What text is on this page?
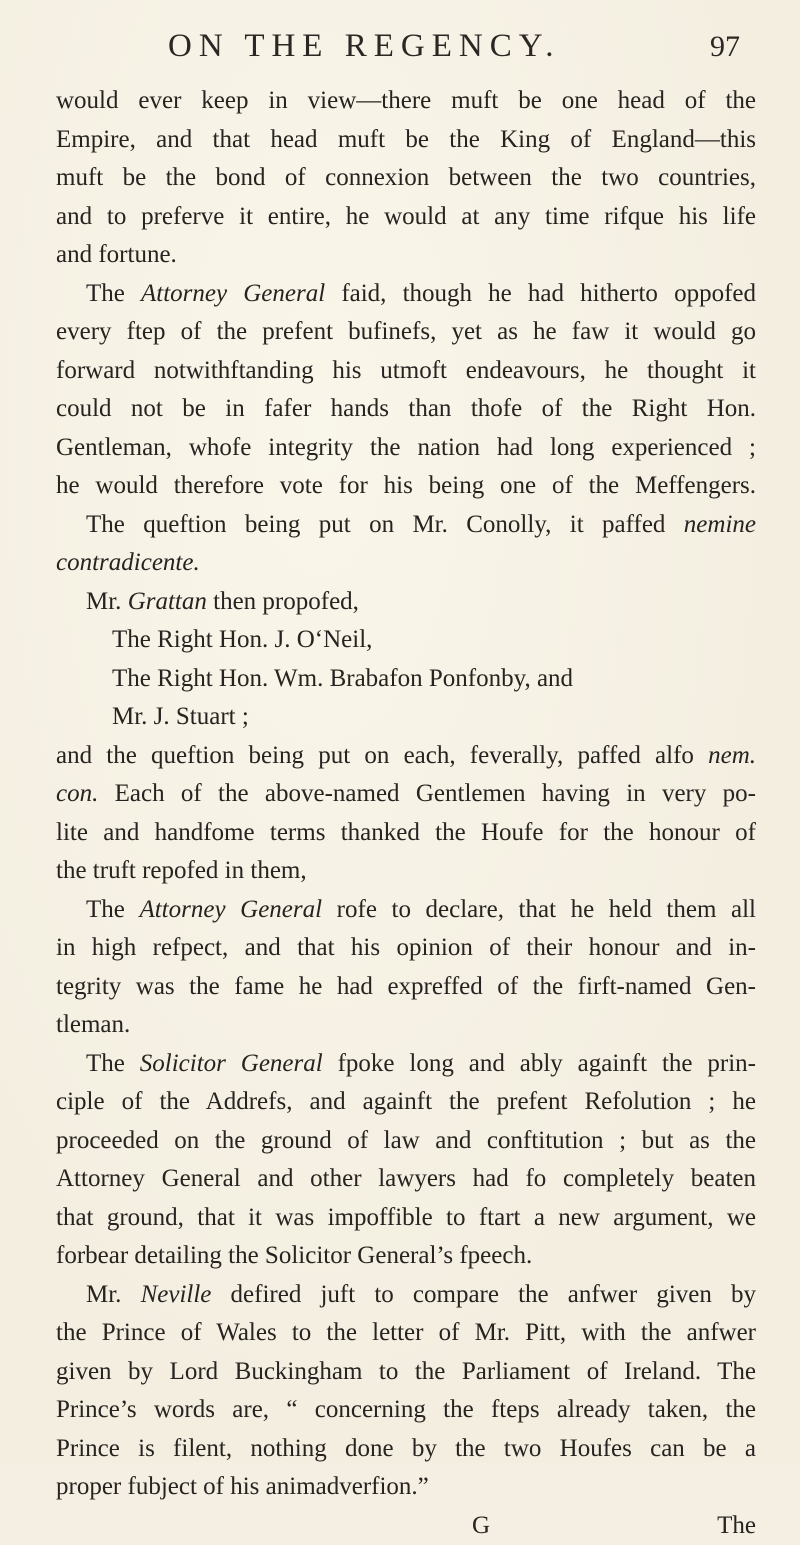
ON THE REGENCY.	97
would ever keep in view—there muft be one head of the
Empire, and that head muft be the King of England—this
muft be the bond of connexion between the two countries,
and to preferve it entire, he would at any time rifque his life
and fortune.
The Attorney General faid, though he had hitherto oppofed
every ftep of the prefent bufinefs, yet as he faw it would go
forward notwithftanding his utmoft endeavours, he thought it
could not be in fafer hands than thofe of the Right Hon.
Gentleman, whofe integrity the nation had long experienced ;
he would therefore vote for his being one of the Meffengers.
The queftion being put on Mr. Conolly, it paffed nemine
contradicente.
Mr. Grattan then propofed,
The Right Hon. J. O‘Neil,
The Right Hon. Wm. Brabafon Ponfonby, and
Mr. J. Stuart ;
and the queftion being put on each, feverally, paffed alfo nem.
con. Each of the above-named Gentlemen having in very po-
lite and handfome terms thanked the Houfe for the honour of
the truft repofed in them,
The Attorney General rofe to declare, that he held them all
in high refpect, and that his opinion of their honour and in-
tegrity was the fame he had expreffed of the firft-named Gen-
tleman.
The Solicitor General fpoke long and ably againft the prin-
ciple of the Addrefs, and againft the prefent Refolution ; he
proceeded on the ground of law and conftitution ; but as the
Attorney General and other lawyers had fo completely beaten
that ground, that it was impoffible to ftart a new argument, we
forbear detailing the Solicitor General’s fpeech.
Mr. Neville defired juft to compare the anfwer given by
the Prince of Wales to the letter of Mr. Pitt, with the anfwer
given by Lord Buckingham to the Parliament of Ireland. The
Prince’s words are, “ concerning the fteps already taken, the
Prince is filent, nothing done by the two Houfes can be a
proper fubject of his animadverfion.”
G	The
